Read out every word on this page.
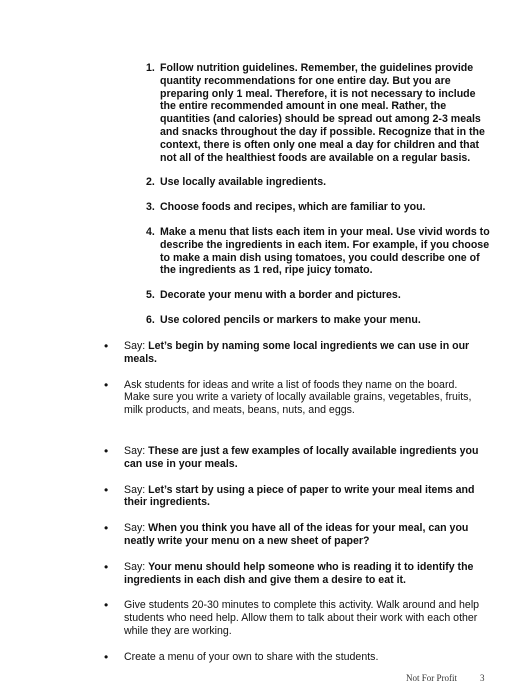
1. Follow nutrition guidelines. Remember, the guidelines provide quantity recommendations for one entire day. But you are preparing only 1 meal. Therefore, it is not necessary to include the entire recommended amount in one meal. Rather, the quantities (and calories) should be spread out among 2-3 meals and snacks throughout the day if possible. Recognize that in the context, there is often only one meal a day for children and that not all of the healthiest foods are available on a regular basis.
2. Use locally available ingredients.
3. Choose foods and recipes, which are familiar to you.
4. Make a menu that lists each item in your meal. Use vivid words to describe the ingredients in each item. For example, if you choose to make a main dish using tomatoes, you could describe one of the ingredients as 1 red, ripe juicy tomato.
5. Decorate your menu with a border and pictures.
6. Use colored pencils or markers to make your menu.
• Say: Let’s begin by naming some local ingredients we can use in our meals.
• Ask students for ideas and write a list of foods they name on the board. Make sure you write a variety of locally available grains, vegetables, fruits, milk products, and meats, beans, nuts, and eggs.
• Say: These are just a few examples of locally available ingredients you can use in your meals.
• Say: Let’s start by using a piece of paper to write your meal items and their ingredients.
• Say: When you think you have all of the ideas for your meal, can you neatly write your menu on a new sheet of paper?
• Say: Your menu should help someone who is reading it to identify the ingredients in each dish and give them a desire to eat it.
• Give students 20-30 minutes to complete this activity. Walk around and help students who need help. Allow them to talk about their work with each other while they are working.
• Create a menu of your own to share with the students.
Not For Profit	3
